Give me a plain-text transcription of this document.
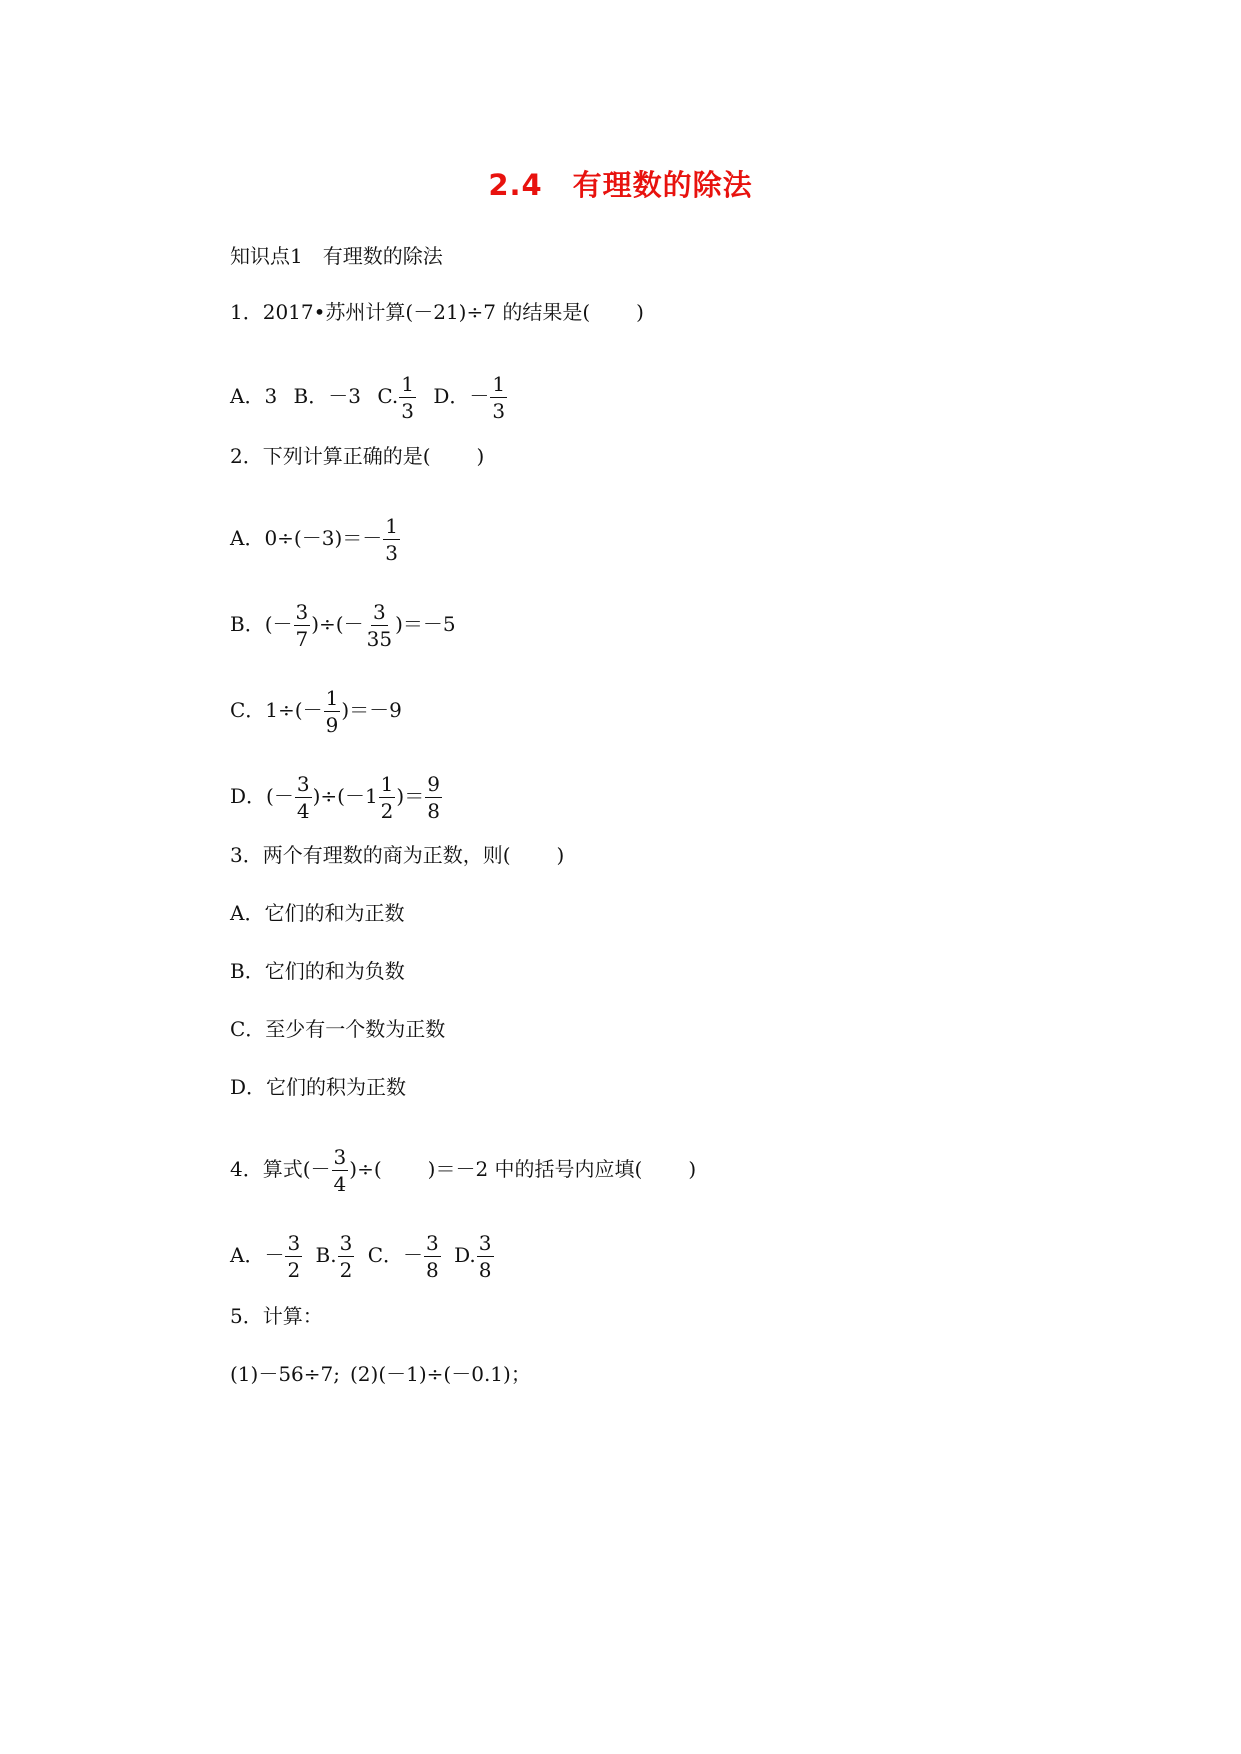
2.4　有理数的除法
知识点1　有理数的除法
1．2017•苏州计算(－21)÷7 的结果是( )
A．3 B．－3 C. $\frac{1}{3}$ D．－ $\frac{1}{3}$
2．下列计算正确的是( )
A．$0\div(-3)=- \frac{1}{3}$
B．(－ $\frac{3}{7}$ )÷(－ $\frac{3}{35} )=-5$
C．$1\div(- \frac{1}{9} )=-9$
D．(－ $\frac{3}{4} )\div(-1 \frac{1}{2}$ )＝ $\frac{9}{8}$
3．两个有理数的商为正数，则( )
A．它们的和为正数
B．它们的和为负数
C．至少有一个数为正数
D．它们的积为正数
4．算式(－ $\frac{3}{4}$ )÷( )＝－2 中的括号内应填( )
A．－ $\frac{3}{2} B$. $\frac{3}{2}$ C．－ $\frac{3}{8} D$. $\frac{3}{8}$
5．计算：
(1)－56÷7; (2)(－1)÷(－0.1)；
